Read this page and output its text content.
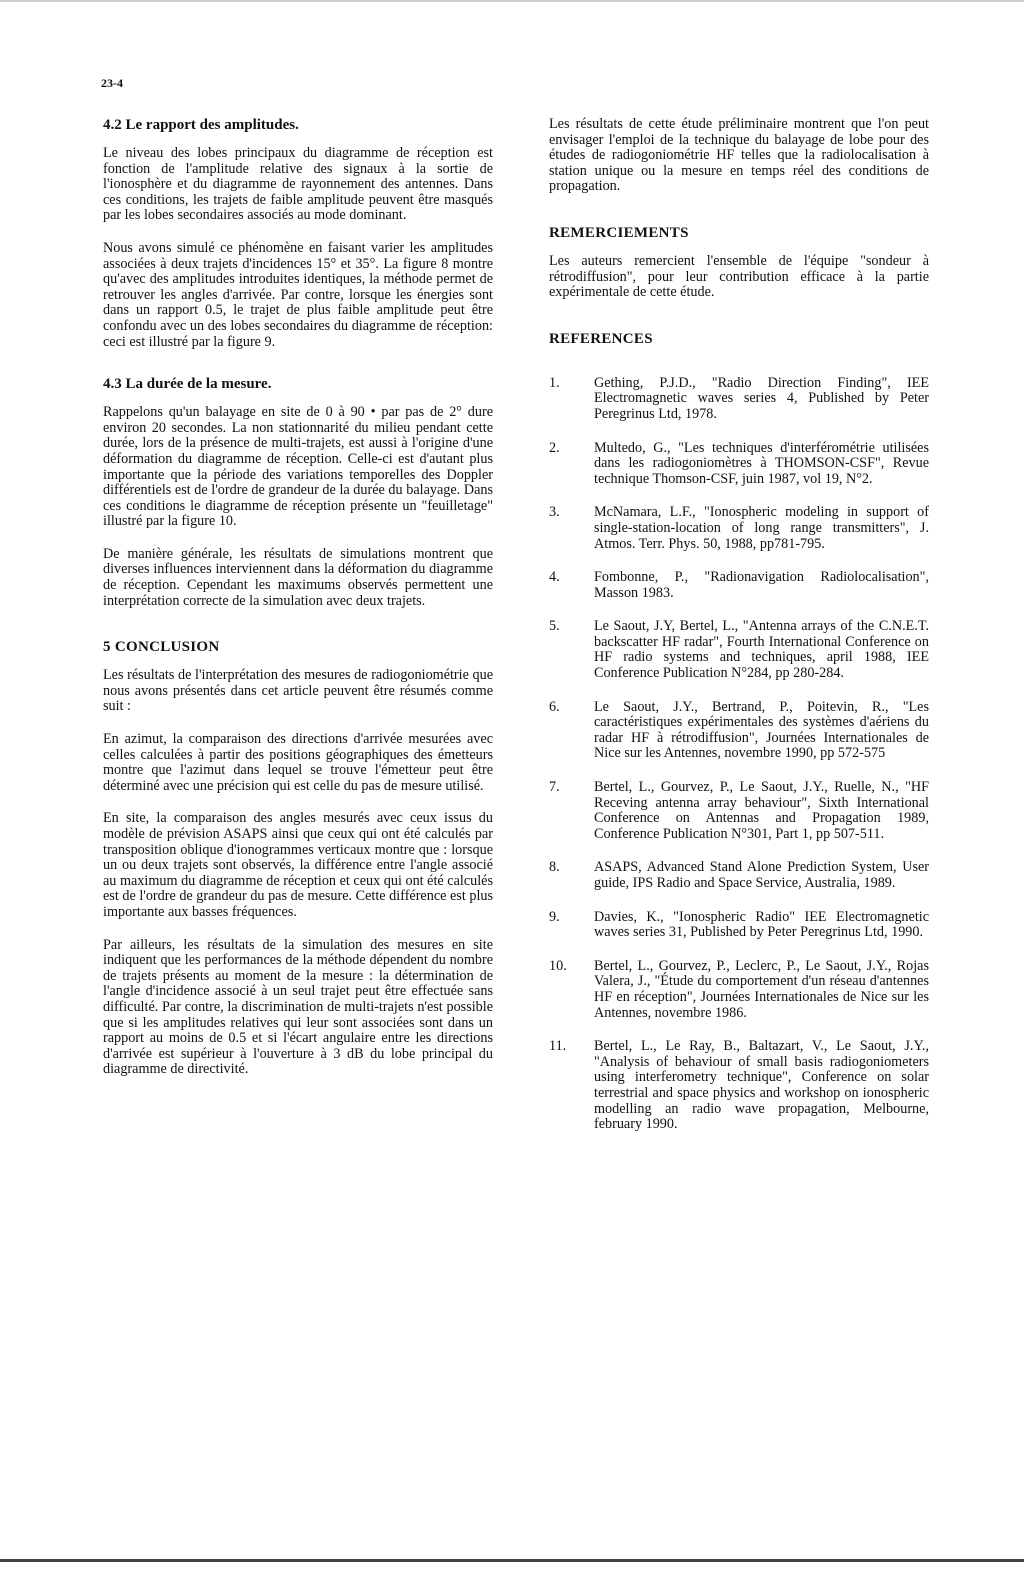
23-4
4.2 Le rapport des amplitudes.

Le niveau des lobes principaux du diagramme de réception est fonction de l'amplitude relative des signaux à la sortie de l'ionosphère et du diagramme de rayonnement des antennes. Dans ces conditions, les trajets de faible amplitude peuvent être masqués par les lobes secondaires associés au mode dominant.

Nous avons simulé ce phénomène en faisant varier les amplitudes associées à deux trajets d'incidences 15° et 35°. La figure 8 montre qu'avec des amplitudes introduites identiques, la méthode permet de retrouver les angles d'arrivée. Par contre, lorsque les énergies sont dans un rapport 0.5, le trajet de plus faible amplitude peut être confondu avec un des lobes secondaires du diagramme de réception: ceci est illustré par la figure 9.

4.3 La durée de la mesure.

Rappelons qu'un balayage en site de 0 à 90 • par pas de 2° dure environ 20 secondes. La non stationnarité du milieu pendant cette durée, lors de la présence de multi-trajets, est aussi à l'origine d'une déformation du diagramme de réception. Celle-ci est d'autant plus importante que la période des variations temporelles des Doppler différentiels est de l'ordre de grandeur de la durée du balayage. Dans ces conditions le diagramme de réception présente un "feuilletage" illustré par la figure 10.

De manière générale, les résultats de simulations montrent que diverses influences interviennent dans la déformation du diagramme de réception. Cependant les maximums observés permettent une interprétation correcte de la simulation avec deux trajets.

5 CONCLUSION

Les résultats de l'interprétation des mesures de radiogoniométrie que nous avons présentés dans cet article peuvent être résumés comme suit :

En azimut, la comparaison des directions d'arrivée mesurées avec celles calculées à partir des positions géographiques des émetteurs montre que l'azimut dans lequel se trouve l'émetteur peut être déterminé avec une précision qui est celle du pas de mesure utilisé.

En site, la comparaison des angles mesurés avec ceux issus du modèle de prévision ASAPS ainsi que ceux qui ont été calculés par transposition oblique d'ionogrammes verticaux montre que : lorsque un ou deux trajets sont observés, la différence entre l'angle associé au maximum du diagramme de réception et ceux qui ont été calculés est de l'ordre de grandeur du pas de mesure. Cette différence est plus importante aux basses fréquences.

Par ailleurs, les résultats de la simulation des mesures en site indiquent que les performances de la méthode dépendent du nombre de trajets présents au moment de la mesure : la détermination de l'angle d'incidence associé à un seul trajet peut être effectuée sans difficulté. Par contre, la discrimination de multi-trajets n'est possible que si les amplitudes relatives qui leur sont associées sont dans un rapport au moins de 0.5 et si l'écart angulaire entre les directions d'arrivée est supérieur à l'ouverture à 3 dB du lobe principal du diagramme de directivité.

Les résultats de cette étude préliminaire montrent que l'on peut envisager l'emploi de la technique du balayage de lobe pour des études de radiogoniométrie HF telles que la radiolocalisation à station unique ou la mesure en temps réel des conditions de propagation.

REMERCIEMENTS

Les auteurs remercient l'ensemble de l'équipe "sondeur à rétrodiffusion", pour leur contribution efficace à la partie expérimentale de cette étude.

REFERENCES
1.	Gething, P.J.D., "Radio Direction Finding", IEE Electromagnetic waves series 4, Published by Peter Peregrinus Ltd, 1978.
2.	Multedo, G., "Les techniques d'interférométrie utilisées dans les radiogoniomètres à THOMSON-CSF", Revue technique Thomson-CSF, juin 1987, vol 19, N°2.
3.	McNamara, L.F., "Ionospheric modeling in support of single-station-location of long range transmitters", J. Atmos. Terr. Phys. 50, 1988, pp781-795.
4.	Fombonne, P., "Radionavigation Radiolocalisation", Masson 1983.
5.	Le Saout, J.Y, Bertel, L., "Antenna arrays of the C.N.E.T. backscatter HF radar", Fourth International Conference on HF radio systems and techniques, april 1988, IEE Conference Publication N°284, pp 280-284.
6.	Le Saout, J.Y., Bertrand, P., Poitevin, R., "Les caractéristiques expérimentales des systèmes d'aériens du radar HF à rétrodiffusion", Journées Internationales de Nice sur les Antennes, novembre 1990, pp 572-575
7.	Bertel, L., Gourvez, P., Le Saout, J.Y., Ruelle, N., "HF Receving antenna array behaviour", Sixth International Conference on Antennas and Propagation 1989, Conference Publication N°301, Part 1, pp 507-511.
8.	ASAPS, Advanced Stand Alone Prediction System, User guide, IPS Radio and Space Service, Australia, 1989.
9.	Davies, K., "Ionospheric Radio" IEE Electromagnetic waves series 31, Published by Peter Peregrinus Ltd, 1990.
10.	Bertel, L., Gourvez, P., Leclerc, P., Le Saout, J.Y., Rojas Valera, J., "Étude du comportement d'un réseau d'antennes HF en réception", Journées Internationales de Nice sur les Antennes, novembre 1986.
11.	Bertel, L., Le Ray, B., Baltazart, V., Le Saout, J.Y., "Analysis of behaviour of small basis radiogoniometers using interferometry technique", Conference on solar terrestrial and space physics and workshop on ionospheric modelling an radio wave propagation, Melbourne, february 1990.
